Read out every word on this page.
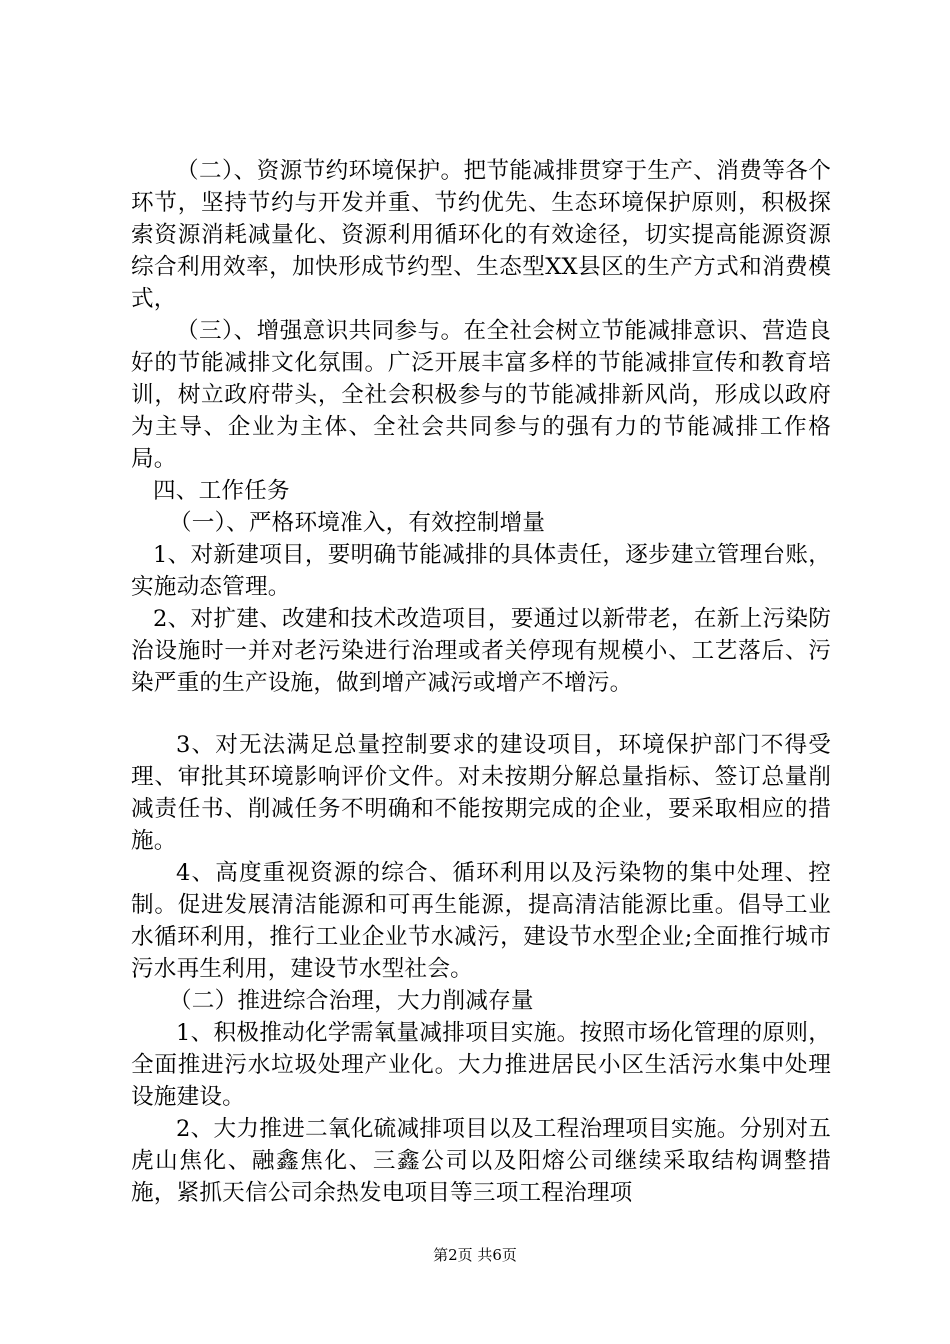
（二）、资源节约环境保护。把节能减排贯穿于生产、消费等各个环节，坚持节约与开发并重、节约优先、生态环境保护原则，积极探索资源消耗减量化、资源利用循环化的有效途径，切实提高能源资源综合利用效率，加快形成节约型、生态型XX县区的生产方式和消费模式，

（三）、增强意识共同参与。在全社会树立节能减排意识、营造良好的节能减排文化氛围。广泛开展丰富多样的节能减排宣传和教育培训，树立政府带头，全社会积极参与的节能减排新风尚，形成以政府为主导、企业为主体、全社会共同参与的强有力的节能减排工作格局。

四、工作任务

（一）、严格环境准入，有效控制增量

1、对新建项目，要明确节能减排的具体责任，逐步建立管理台账，实施动态管理。

2、对扩建、改建和技术改造项目，要通过以新带老，在新上污染防治设施时一并对老污染进行治理或者关停现有规模小、工艺落后、污染严重的生产设施，做到增产减污或增产不增污。

3、对无法满足总量控制要求的建设项目，环境保护部门不得受理、审批其环境影响评价文件。对未按期分解总量指标、签订总量削减责任书、削减任务不明确和不能按期完成的企业，要采取相应的措施。

4、高度重视资源的综合、循环利用以及污染物的集中处理、控制。促进发展清洁能源和可再生能源，提高清洁能源比重。倡导工业水循环利用，推行工业企业节水减污，建设节水型企业;全面推行城市污水再生利用，建设节水型社会。

（二）推进综合治理，大力削减存量

1、积极推动化学需氧量减排项目实施。按照市场化管理的原则，全面推进污水垃圾处理产业化。大力推进居民小区生活污水集中处理设施建设。

2、大力推进二氧化硫减排项目以及工程治理项目实施。分别对五虎山焦化、融鑫焦化、三鑫公司以及阳熔公司继续采取结构调整措施，紧抓天信公司余热发电项目等三项工程治理项

第2页 共6页
